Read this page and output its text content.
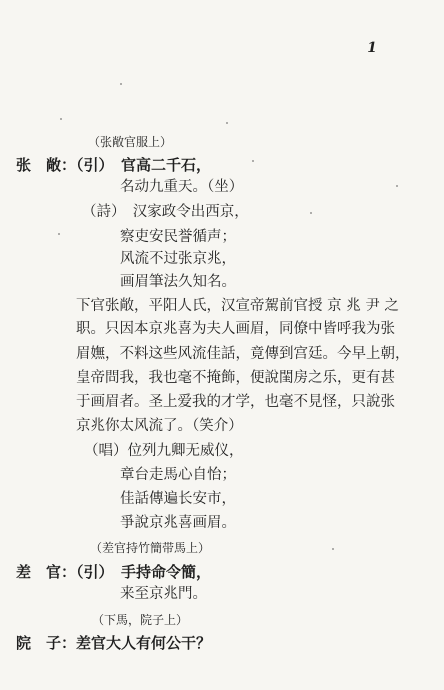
1
（张敞官服上）
张　敞：（引）　官高二千石，
名动九重天。（坐）
（詩）　汉家政令出西京，
察吏安民誉循声；
风流不过张京兆，
画眉筆法久知名。
下官张敞，平阳人氏，汉宣帝駕前官授 京 兆 尹 之
职。只因本京兆喜为夫人画眉，同僚中皆呼我为张
眉嫵，不料这些风流佳話，竟傳到宫廷。今早上朝，
皇帝問我，我也毫不掩飾，便說閨房之乐，更有甚
于画眉者。圣上爱我的才学，也毫不見怪，只說张
京兆你太风流了。（笑介）
（唱）位列九卿无威仪，
章台走馬心自怡；
佳話傳遍长安市，
爭說京兆喜画眉。
（差官持竹簡带馬上）
差　官：（引）　手持命令簡，
来至京兆門。
（下馬，院子上）
院　子：差官大人有何公干？
